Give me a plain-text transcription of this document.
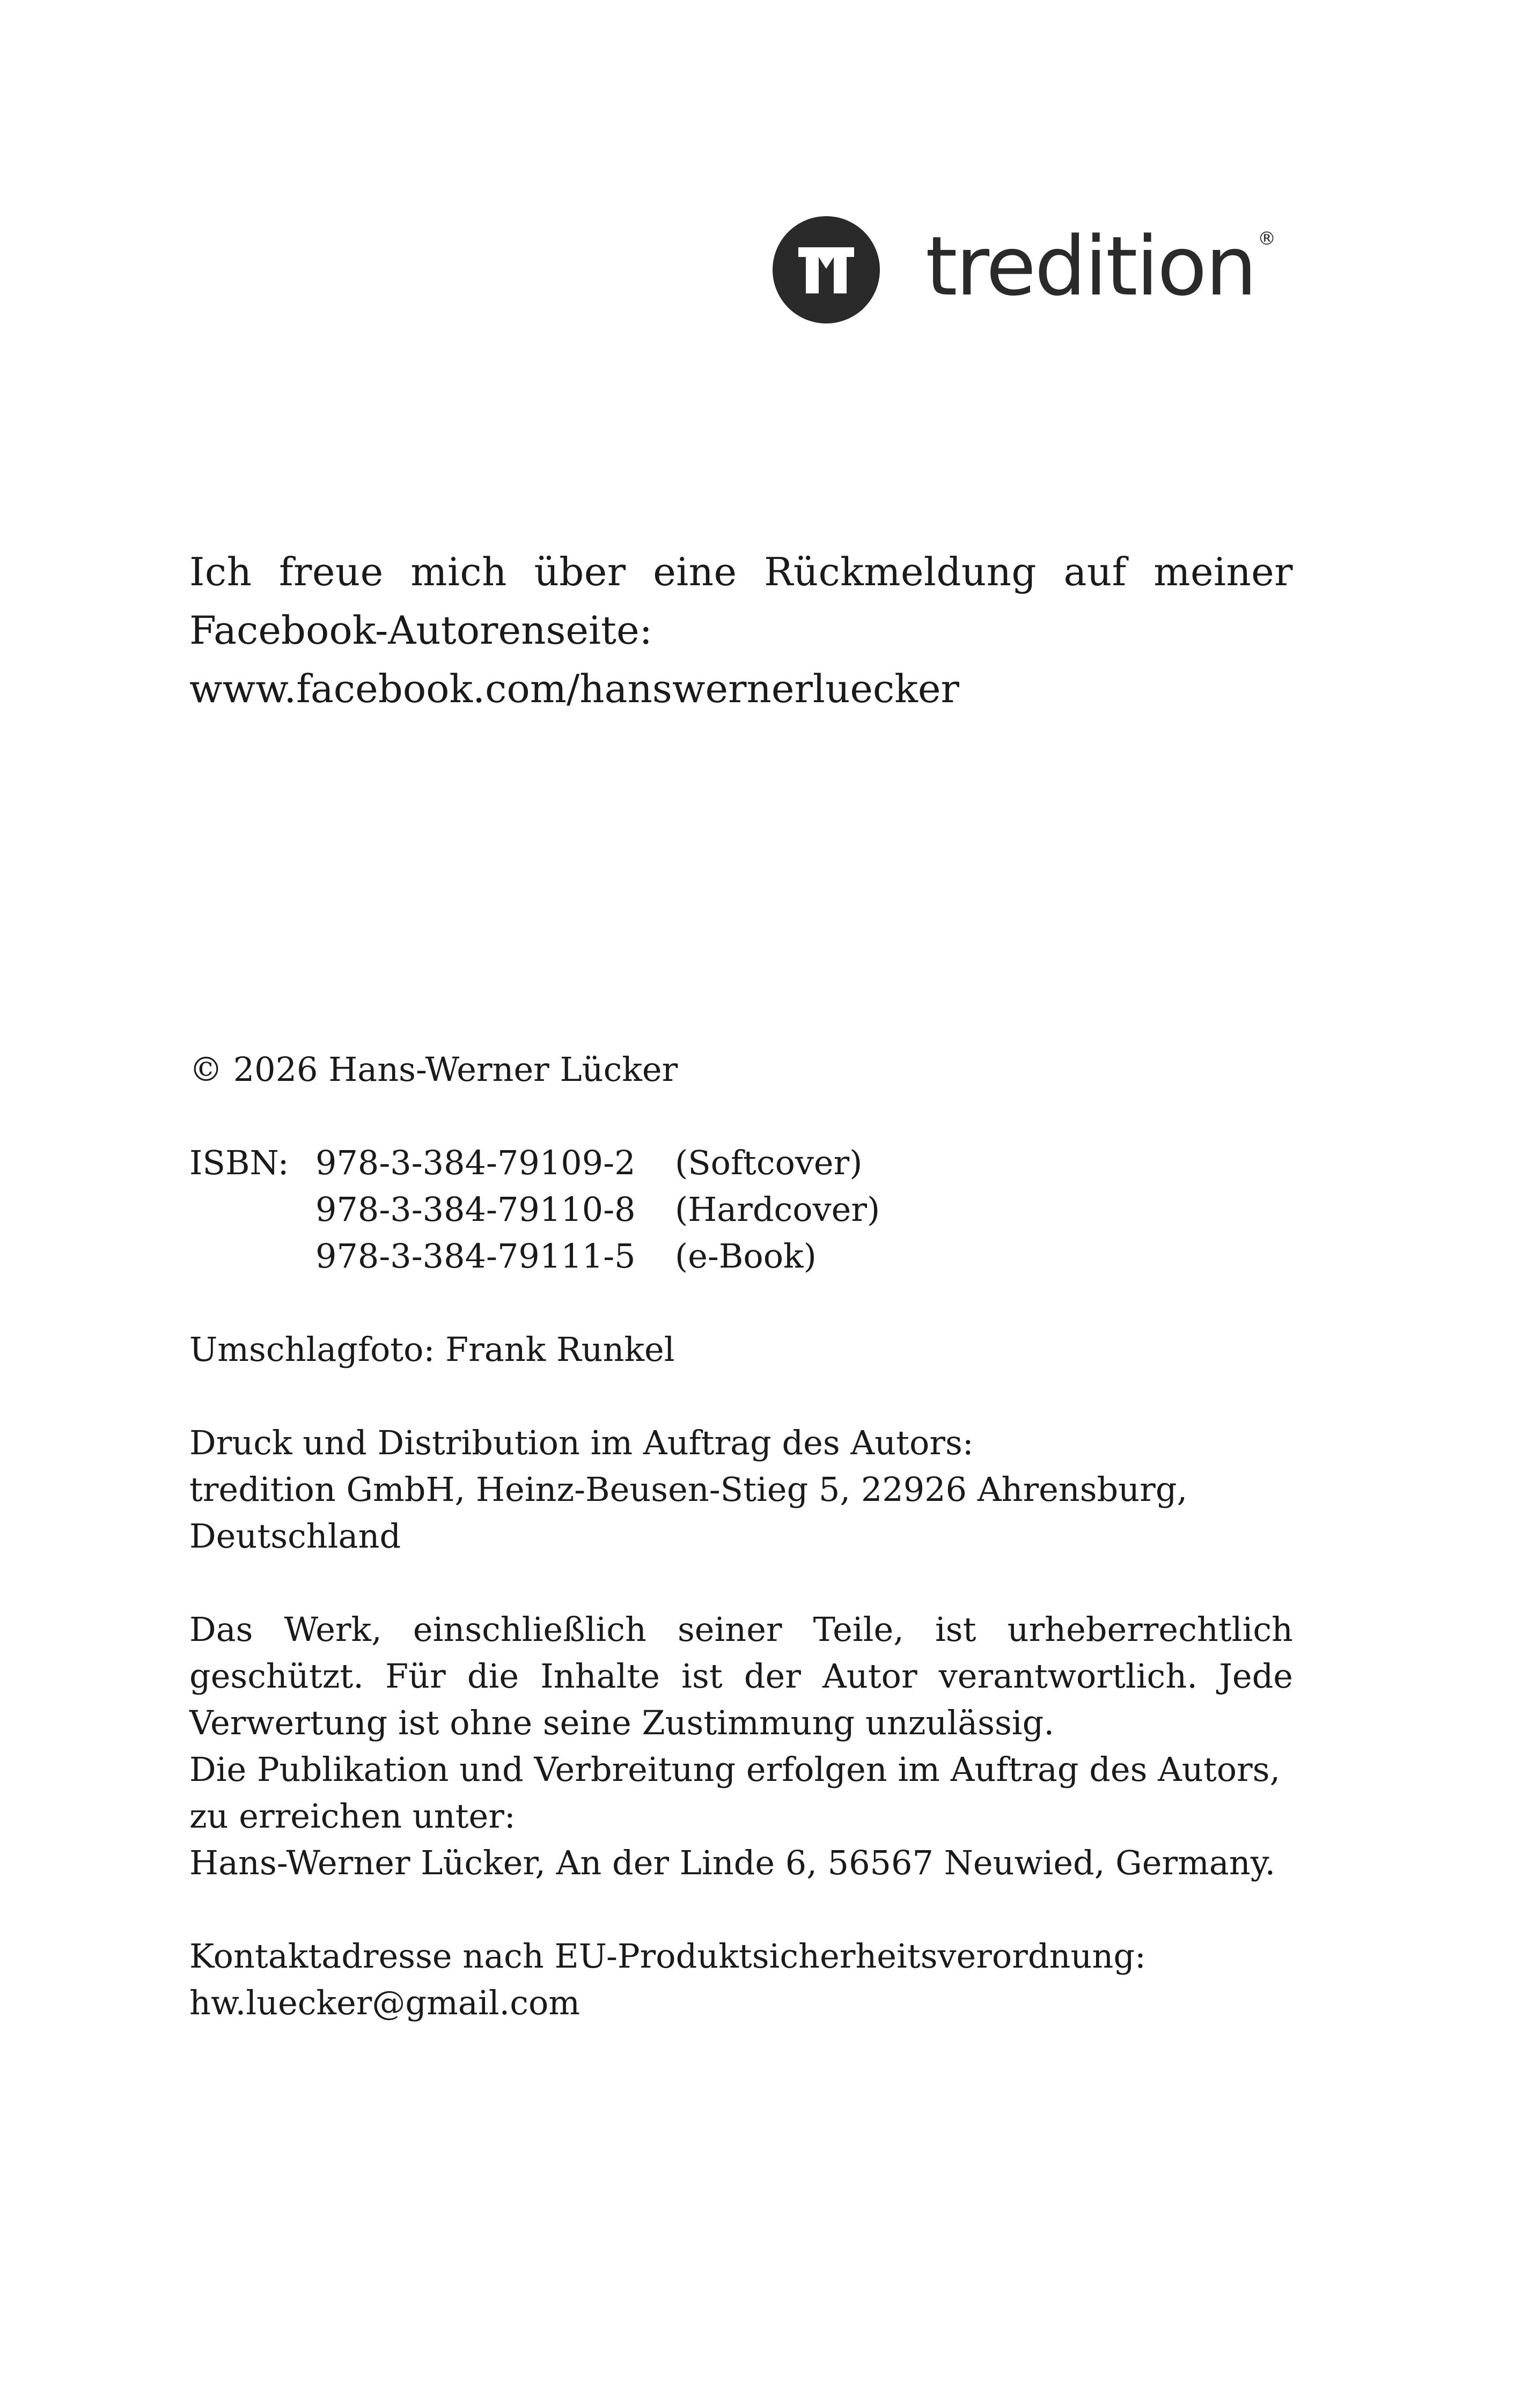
tredition ®
Ich freue mich über eine Rückmeldung auf meiner
Facebook-Autorenseite:
www.facebook.com/hanswernerluecker

© 2026 Hans-Werner Lücker

ISBN: 978-3-384-79109-2	(Softcover)
978-3-384-79110-8	(Hardcover)
978-3-384-79111-5	(e-Book)

Umschlagfoto: Frank Runkel

Druck und Distribution im Auftrag des Autors:
tredition GmbH, Heinz-Beusen-Stieg 5, 22926 Ahrensburg,
Deutschland

Das Werk, einschließlich seiner Teile, ist urheberrechtlich
geschützt. Für die Inhalte ist der Autor verantwortlich. Jede
Verwertung ist ohne seine Zustimmung unzulässig.
Die Publikation und Verbreitung erfolgen im Auftrag des Autors,
zu erreichen unter:
Hans-Werner Lücker, An der Linde 6, 56567 Neuwied, Germany.

Kontaktadresse nach EU-Produktsicherheitsverordnung:
hw.luecker@gmail.com
